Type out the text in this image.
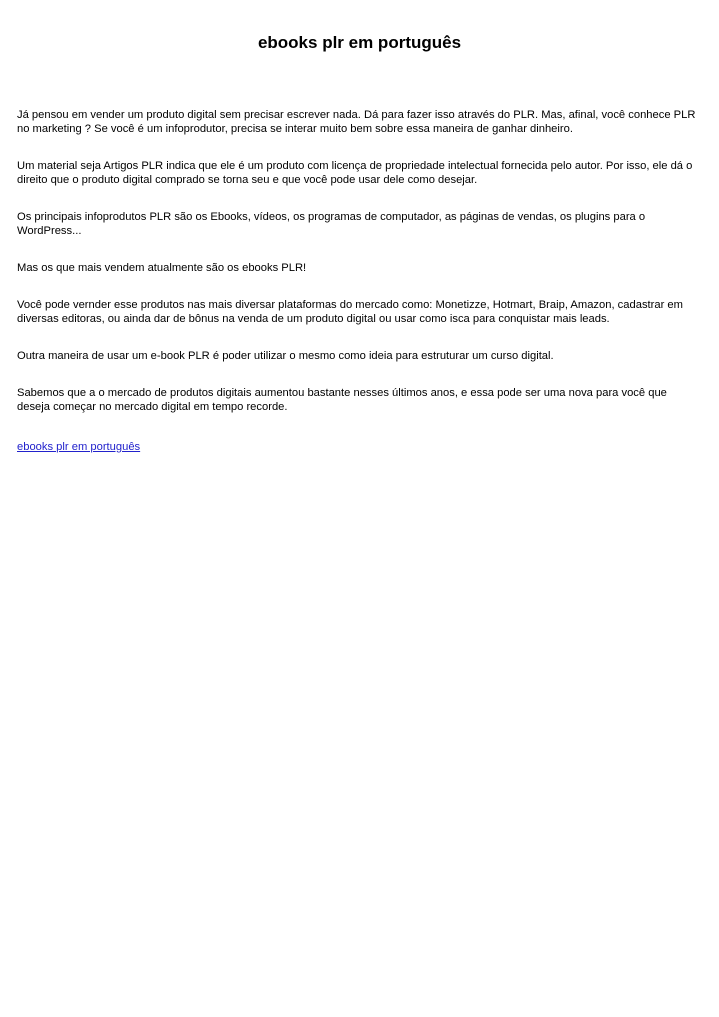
ebooks plr em português

Já pensou em vender um produto digital sem precisar escrever nada. Dá para fazer isso através do PLR. Mas, afinal, você conhece PLR no marketing ? Se você é um infoprodutor, precisa se interar muito bem sobre essa maneira de ganhar dinheiro.

Um material seja Artigos PLR indica que ele é um produto com licença de propriedade intelectual fornecida pelo autor. Por isso, ele dá o direito que o produto digital comprado se torna seu e que você pode usar dele como desejar.

Os principais infoprodutos PLR são os Ebooks, vídeos, os programas de computador, as páginas de vendas, os plugins para o WordPress...

Mas os que mais vendem atualmente são os ebooks PLR!

Você pode vernder esse produtos nas mais diversar plataformas do mercado como: Monetizze, Hotmart, Braip, Amazon, cadastrar em diversas editoras, ou ainda dar de bônus na venda de um produto digital ou usar como isca para conquistar mais leads.

Outra maneira de usar um e-book PLR é poder utilizar o mesmo como ideia para estruturar um curso digital.

Sabemos que a o mercado de produtos digitais aumentou bastante nesses últimos anos, e essa pode ser uma nova para você que deseja começar no mercado digital em tempo recorde.

ebooks plr em português
